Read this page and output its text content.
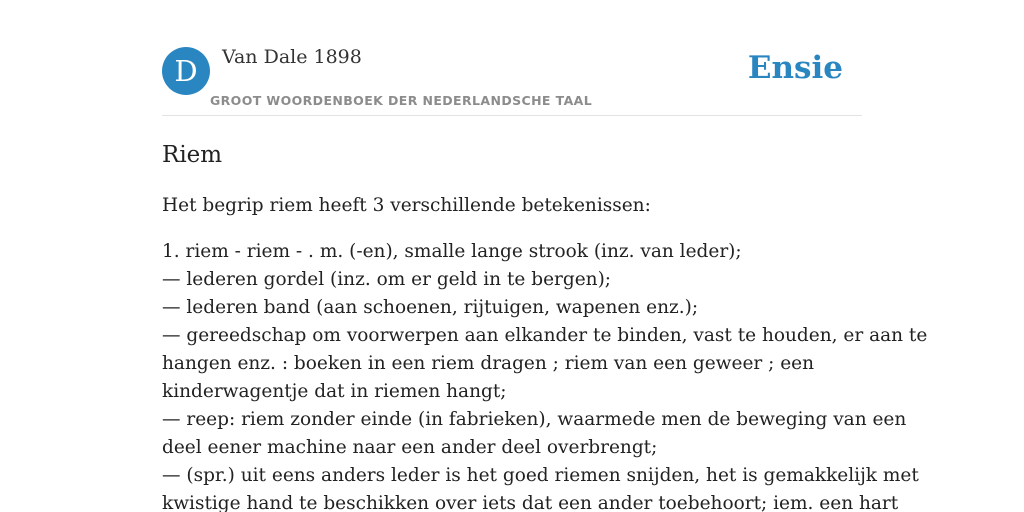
D	Van Dale 1898
GROOT WOORDENBOEK DER NEDERLANDSCHE TAAL
Ensie
Riem

Het begrip riem heeft 3 verschillende betekenissen:

1. riem - riem - . m. (-en), smalle lange strook (inz. van leder);
— lederen gordel (inz. om er geld in te bergen);
— lederen band (aan schoenen, rijtuigen, wapenen enz.);
— gereedschap om voorwerpen aan elkander te binden, vast te houden, er aan te
hangen enz. : boeken in een riem dragen ; riem van een geweer ; een
kinderwagentje dat in riemen hangt;
— reep: riem zonder einde (in fabrieken), waarmede men de beweging van een
deel eener machine naar een ander deel overbrengt;
— (spr.) uit eens anders leder is het goed riemen snijden, het is gemakkelijk met
kwistige hand te beschikken over iets dat een ander toebehoort; iem. een hart
